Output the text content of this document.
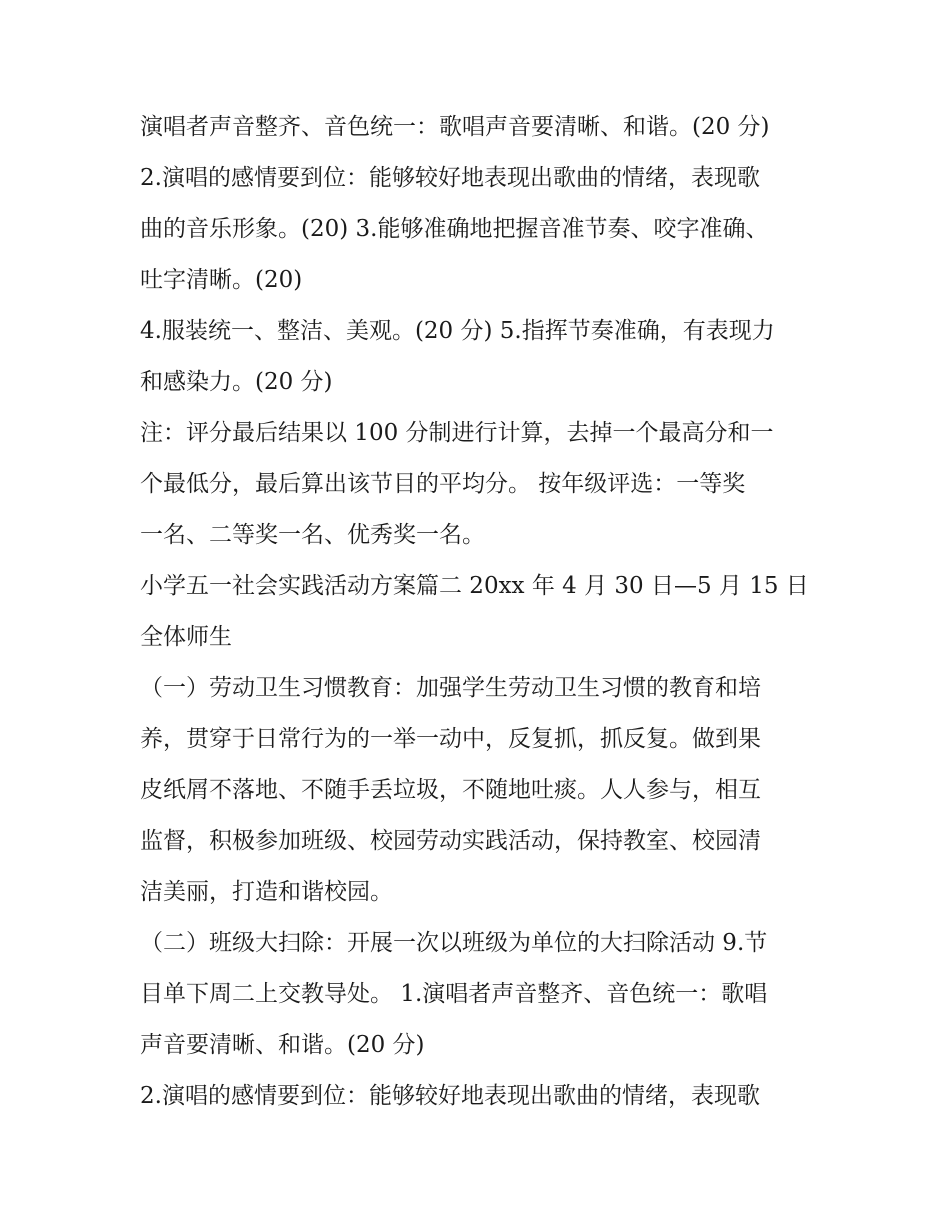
演唱者声音整齐、音色统一：歌唱声音要清晰、和谐。(20 分)
2.演唱的感情要到位：能够较好地表现出歌曲的情绪，表现歌
曲的音乐形象。(20) 3.能够准确地把握音准节奏、咬字准确、
吐字清晰。(20)
4.服装统一、整洁、美观。(20 分) 5.指挥节奏准确，有表现力
和感染力。(20 分)
注：评分最后结果以 100 分制进行计算，去掉一个最高分和一
个最低分，最后算出该节目的平均分。 按年级评选：一等奖
一名、二等奖一名、优秀奖一名。
小学五一社会实践活动方案篇二 20xx 年 4 月 30 日—5 月 15 日
全体师生
（一）劳动卫生习惯教育：加强学生劳动卫生习惯的教育和培
养，贯穿于日常行为的一举一动中，反复抓，抓反复。做到果
皮纸屑不落地、不随手丢垃圾，不随地吐痰。人人参与，相互
监督，积极参加班级、校园劳动实践活动，保持教室、校园清
洁美丽，打造和谐校园。
（二）班级大扫除：开展一次以班级为单位的大扫除活动 9.节
目单下周二上交教导处。 1.演唱者声音整齐、音色统一：歌唱
声音要清晰、和谐。(20 分)
2.演唱的感情要到位：能够较好地表现出歌曲的情绪，表现歌
